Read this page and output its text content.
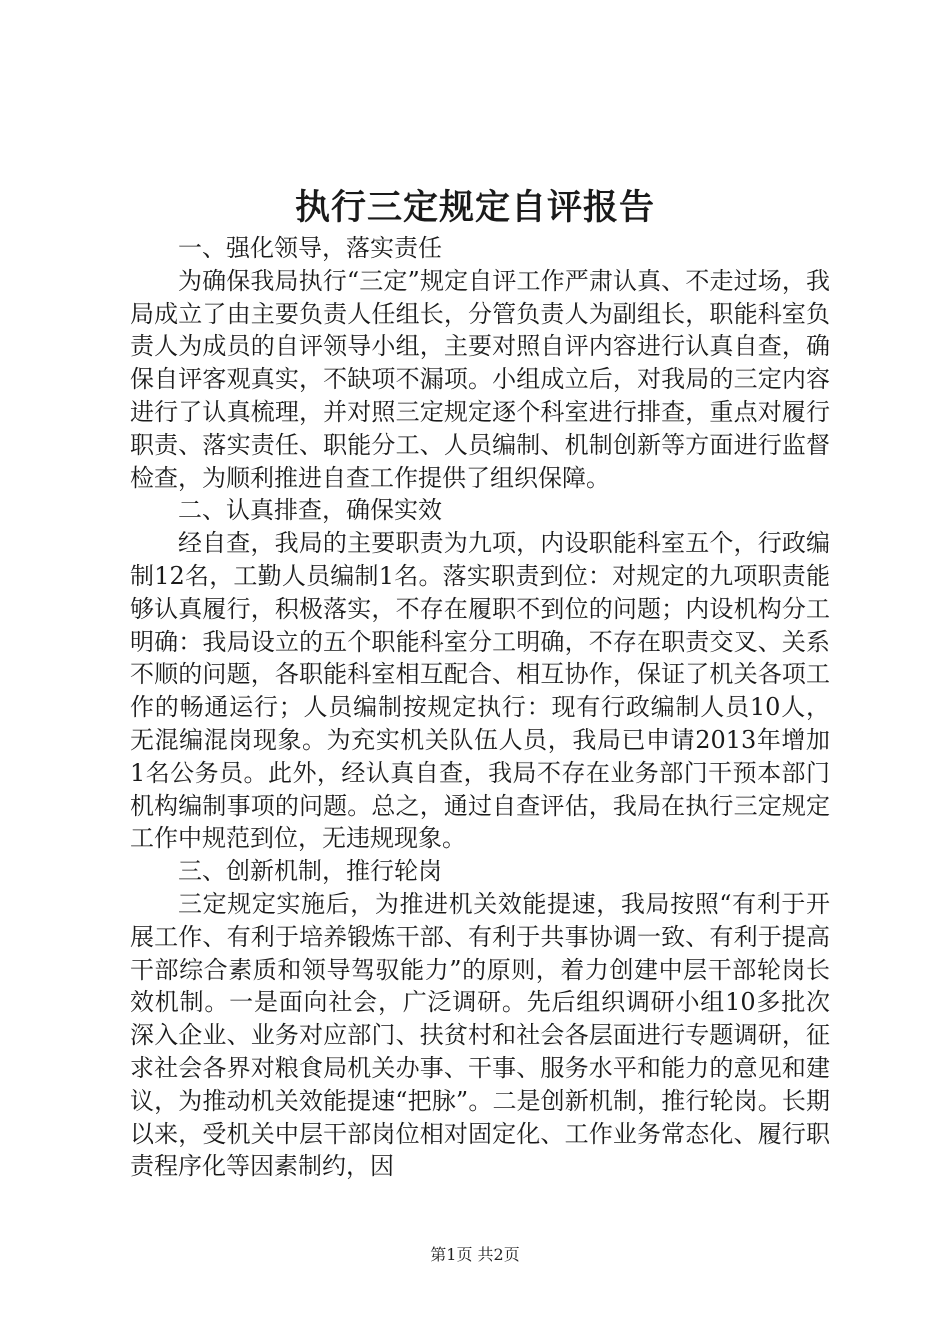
执行三定规定自评报告

一、强化领导，落实责任

为确保我局执行“三定”规定自评工作严肃认真、不走过场，我局成立了由主要负责人任组长，分管负责人为副组长，职能科室负责人为成员的自评领导小组，主要对照自评内容进行认真自查，确保自评客观真实，不缺项不漏项。小组成立后，对我局的三定内容进行了认真梳理，并对照三定规定逐个科室进行排查，重点对履行职责、落实责任、职能分工、人员编制、机制创新等方面进行监督检查，为顺利推进自查工作提供了组织保障。

二、认真排查，确保实效

经自查，我局的主要职责为九项，内设职能科室五个，行政编制12名，工勤人员编制1名。落实职责到位：对规定的九项职责能够认真履行，积极落实，不存在履职不到位的问题；内设机构分工明确：我局设立的五个职能科室分工明确，不存在职责交叉、关系不顺的问题，各职能科室相互配合、相互协作，保证了机关各项工作的畅通运行；人员编制按规定执行：现有行政编制人员10人，无混编混岗现象。为充实机关队伍人员，我局已申请2013年增加1名公务员。此外，经认真自查，我局不存在业务部门干预本部门机构编制事项的问题。总之，通过自查评估，我局在执行三定规定工作中规范到位，无违规现象。

三、创新机制，推行轮岗

三定规定实施后，为推进机关效能提速，我局按照“有利于开展工作、有利于培养锻炼干部、有利于共事协调一致、有利于提高干部综合素质和领导驾驭能力”的原则，着力创建中层干部轮岗长效机制。一是面向社会，广泛调研。先后组织调研小组10多批次深入企业、业务对应部门、扶贫村和社会各层面进行专题调研，征求社会各界对粮食局机关办事、干事、服务水平和能力的意见和建议，为推动机关效能提速“把脉”。二是创新机制，推行轮岗。长期以来，受机关中层干部岗位相对固定化、工作业务常态化、履行职责程序化等因素制约，因

第1页 共2页
